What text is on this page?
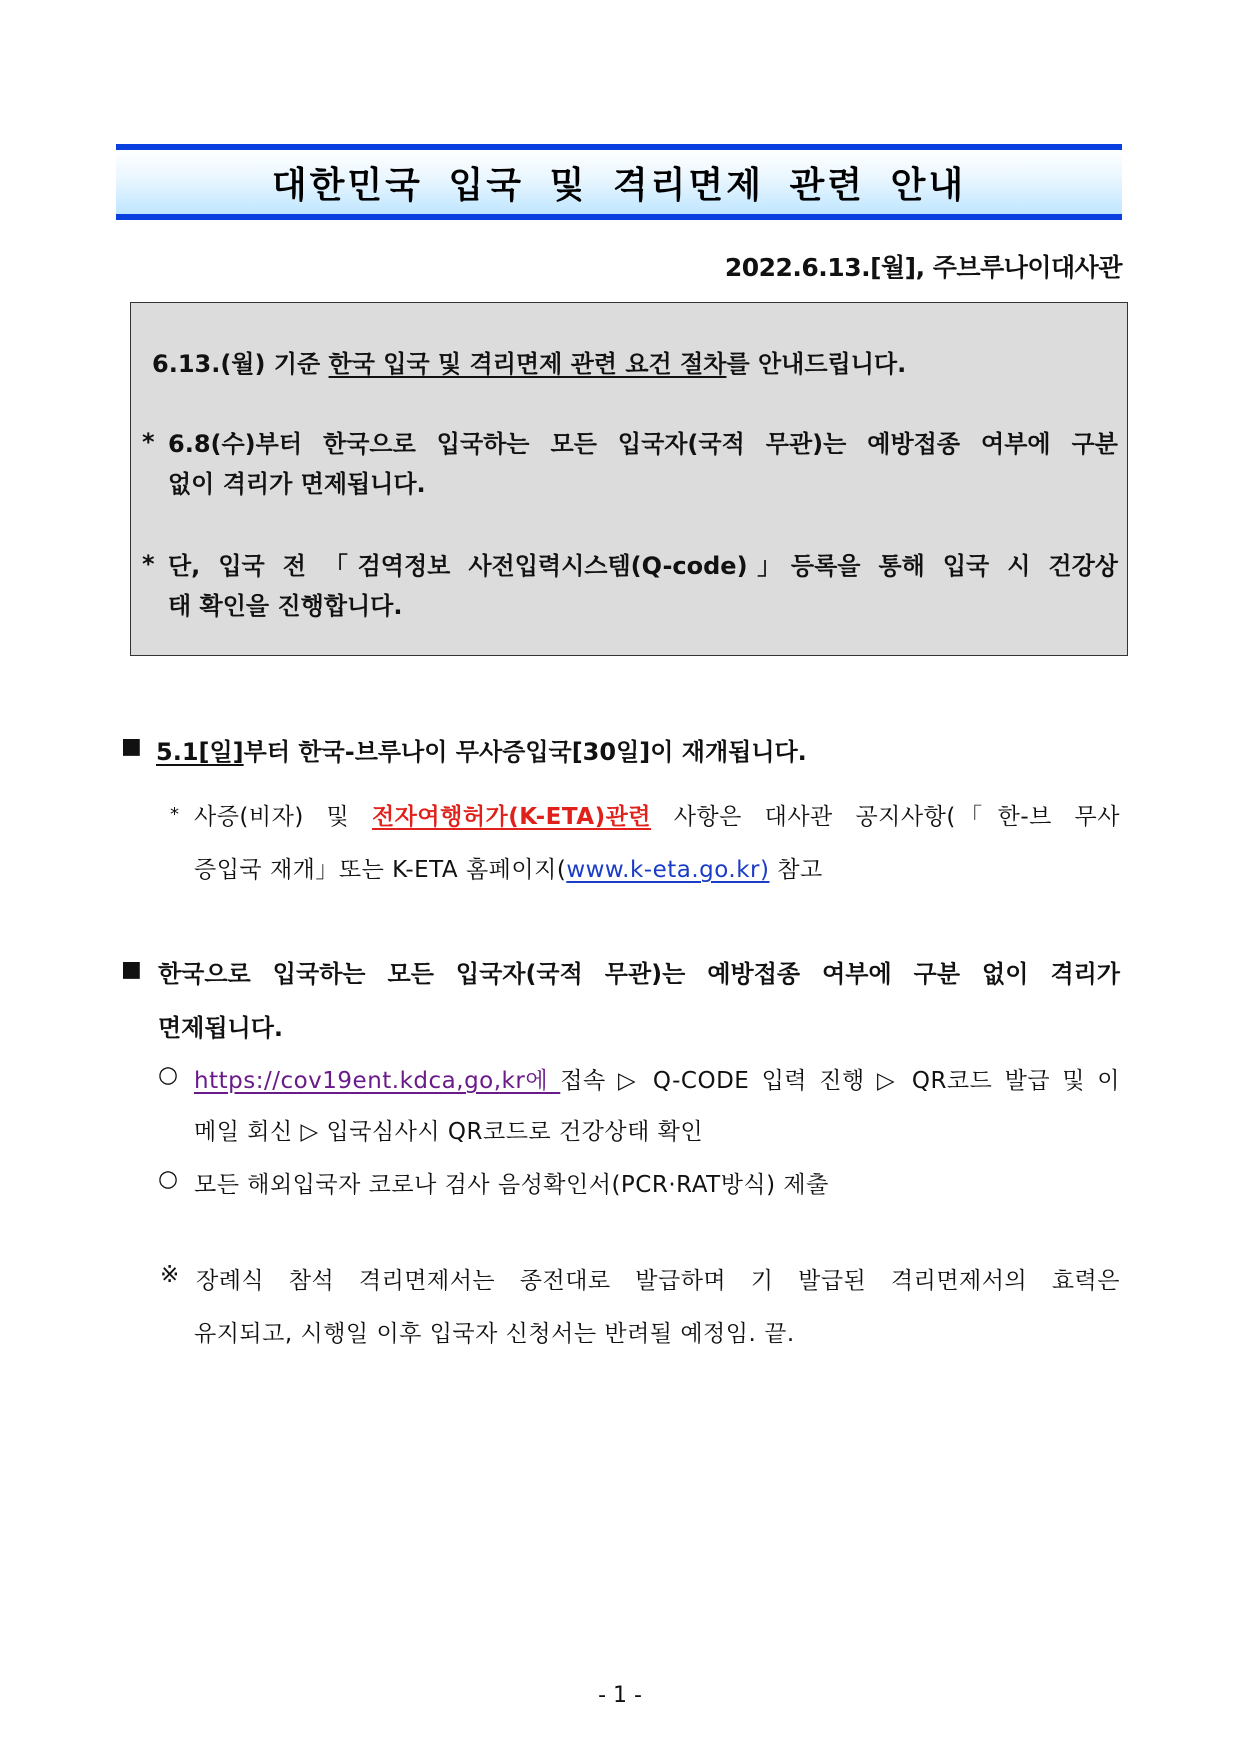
대한민국 입국 및 격리면제 관련 안내
2022.6.13.[월], 주브루나이대사관
6.13.(월) 기준 한국 입국 및 격리면제 관련 요건 절차를 안내드립니다.
* 6.8(수)부터 한국으로 입국하는 모든 입국자(국적 무관)는 예방접종 여부에 구분
없이 격리가 면제됩니다.
* 단, 입국 전 「검역정보 사전입력시스템(Q-code)」등록을 통해 입국 시 건강상
태 확인을 진행합니다.
■ 5.1[일]부터 한국-브루나이 무사증입국[30일]이 재개됩니다.
* 사증(비자) 및 전자여행허가(K-ETA)관련 사항은 대사관 공지사항(「한-브 무사
증입국 재개」또는 K-ETA 홈페이지(www.k-eta.go.kr) 참고
■ 한국으로 입국하는 모든 입국자(국적 무관)는 예방접종 여부에 구분 없이 격리가
면제됩니다.
○ https://cov19ent.kdca,go,kr에 접속 ▷ Q-CODE 입력 진행 ▷ QR코드 발급 및 이
메일 회신 ▷ 입국심사시 QR코드로 건강상태 확인
○ 모든 해외입국자 코로나 검사 음성확인서(PCR·RAT방식) 제출
※ 장례식 참석 격리면제서는 종전대로 발급하며 기 발급된 격리면제서의 효력은
유지되고, 시행일 이후 입국자 신청서는 반려될 예정임. 끝.
- 1 -
